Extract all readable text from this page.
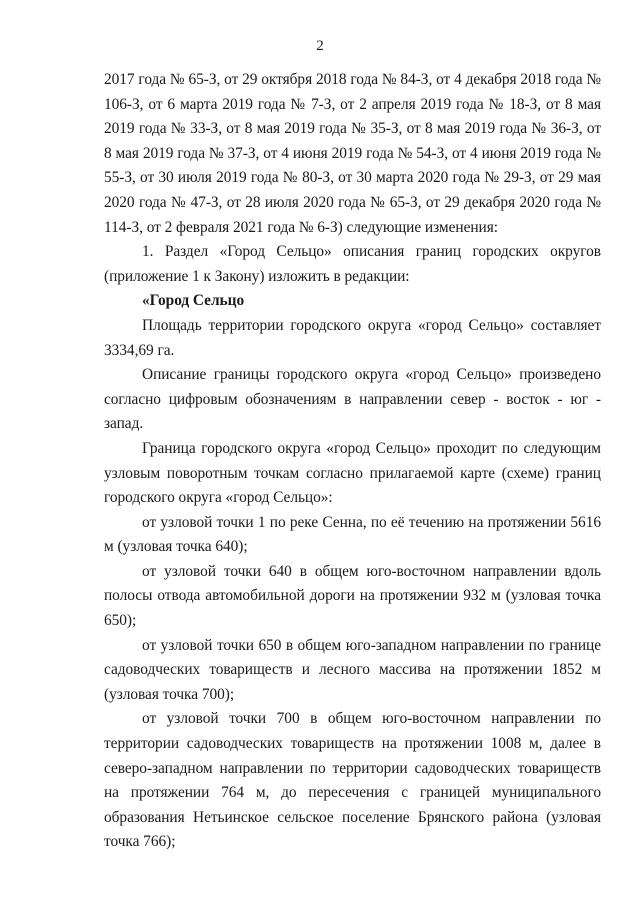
2

2017 года № 65-З, от 29 октября 2018 года № 84-З, от 4 декабря 2018 года № 106-З, от 6 марта 2019 года № 7-З, от 2 апреля 2019 года № 18-З, от 8 мая 2019 года № 33-З, от 8 мая 2019 года № 35-З, от 8 мая 2019 года № 36-З, от 8 мая 2019 года № 37-З, от 4 июня 2019 года № 54-З, от 4 июня 2019 года № 55-З, от 30 июля 2019 года № 80-З, от 30 марта 2020 года № 29-З, от 29 мая 2020 года № 47-З, от 28 июля 2020 года № 65-З, от 29 декабря 2020 года № 114-З, от 2 февраля 2021 года № 6-З) следующие изменения:

1. Раздел «Город Сельцо» описания границ городских округов (приложение 1 к Закону) изложить в редакции:

«Город Сельцо

Площадь территории городского округа «город Сельцо» составляет 3334,69 га.

Описание границы городского округа «город Сельцо» произведено согласно цифровым обозначениям в направлении север - восток - юг - запад.

Граница городского округа «город Сельцо» проходит по следующим узловым поворотным точкам согласно прилагаемой карте (схеме) границ городского округа «город Сельцо»:

от узловой точки 1 по реке Сенна, по её течению на протяжении 5616 м (узловая точка 640);

от узловой точки 640 в общем юго-восточном направлении вдоль полосы отвода автомобильной дороги на протяжении 932 м (узловая точка 650);

от узловой точки 650 в общем юго-западном направлении по границе садоводческих товариществ и лесного массива на протяжении 1852 м (узловая точка 700);

от узловой точки 700 в общем юго-восточном направлении по территории садоводческих товариществ на протяжении 1008 м, далее в северо-западном направлении по территории садоводческих товариществ на протяжении 764 м, до пересечения с границей муниципального образования Нетьинское сельское поселение Брянского района (узловая точка 766);
